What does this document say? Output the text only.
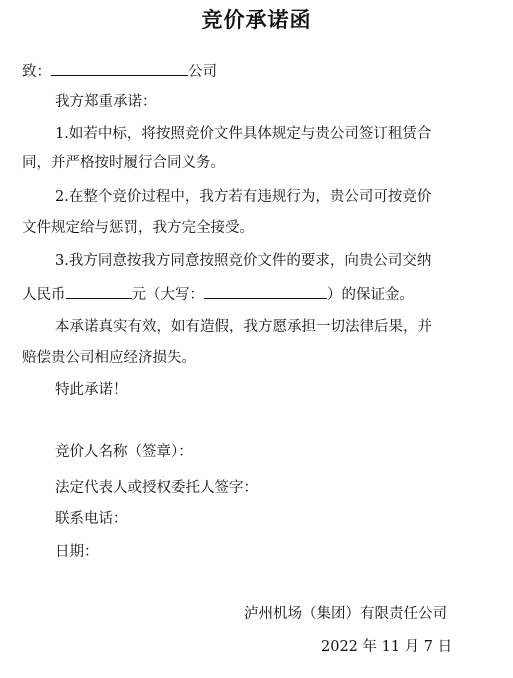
竞价承诺函
致：	公司
我方郑重承诺：
1.如若中标，将按照竞价文件具体规定与贵公司签订租赁合
同，并严格按时履行合同义务。
2.在整个竞价过程中，我方若有违规行为，贵公司可按竞价
文件规定给与惩罚，我方完全接受。
3.我方同意按我方同意按照竞价文件的要求，向贵公司交纳
人民币	元（大写：	）的保证金。
本承诺真实有效，如有造假，我方愿承担一切法律后果，并
赔偿贵公司相应经济损失。
特此承诺！
竞价人名称（签章）：
法定代表人或授权委托人签字：
联系电话：
日期：
泸州机场（集团）有限责任公司
2022 年 11 月 7 日
